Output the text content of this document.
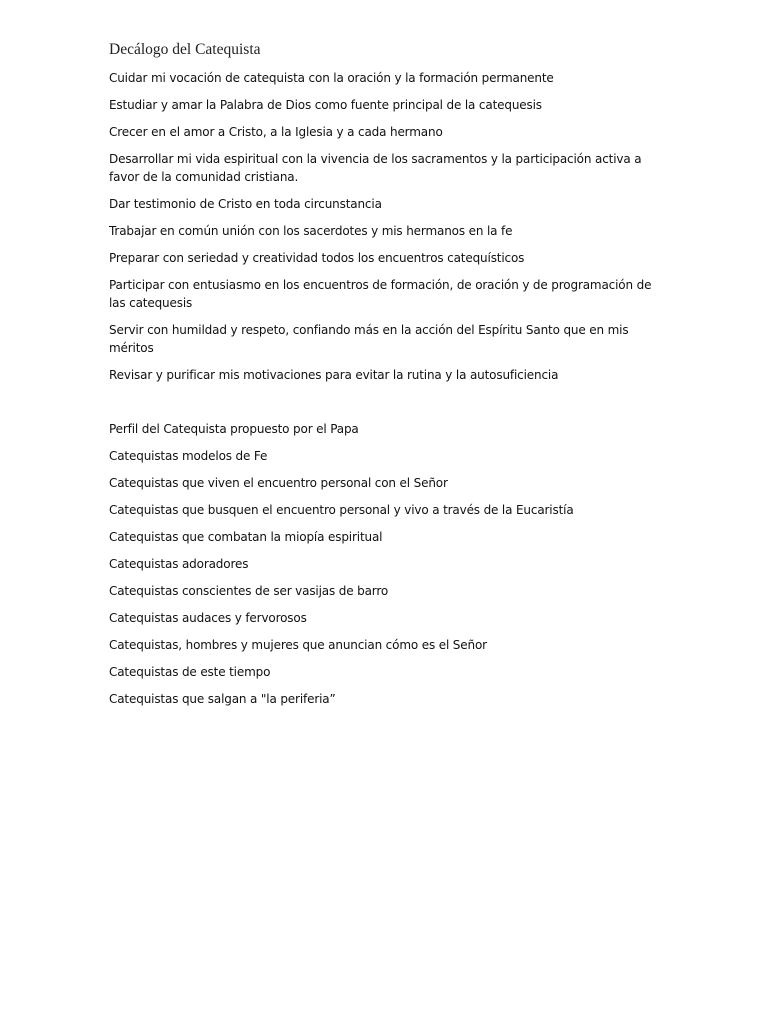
Decálogo del Catequista
Cuidar mi vocación de catequista con la oración y la formación permanente
Estudiar y amar la Palabra de Dios como fuente principal de la catequesis
Crecer en el amor a Cristo, a la Iglesia y a cada hermano
Desarrollar mi vida espiritual con la vivencia de los sacramentos y la participación activa a favor de la comunidad cristiana.
Dar testimonio de Cristo en toda circunstancia
Trabajar en común unión con los sacerdotes y mis hermanos en la fe
Preparar con seriedad y creatividad todos los encuentros catequísticos
Participar con entusiasmo en los encuentros de formación, de oración y de programación de las catequesis
Servir con humildad y respeto, confiando más en la acción del Espíritu Santo que en mis méritos
Revisar y purificar mis motivaciones para evitar la rutina y la autosuficiencia
Perfil del Catequista propuesto por el Papa
Catequistas modelos de Fe
Catequistas que viven el encuentro personal con el Señor
Catequistas que busquen el encuentro personal y vivo a través de la Eucaristía
Catequistas que combatan la miopía espiritual
Catequistas adoradores
Catequistas conscientes de ser vasijas de barro
Catequistas audaces y fervorosos
Catequistas, hombres y mujeres que anuncian cómo es el Señor
Catequistas de este tiempo
Catequistas que salgan a "la periferia”
